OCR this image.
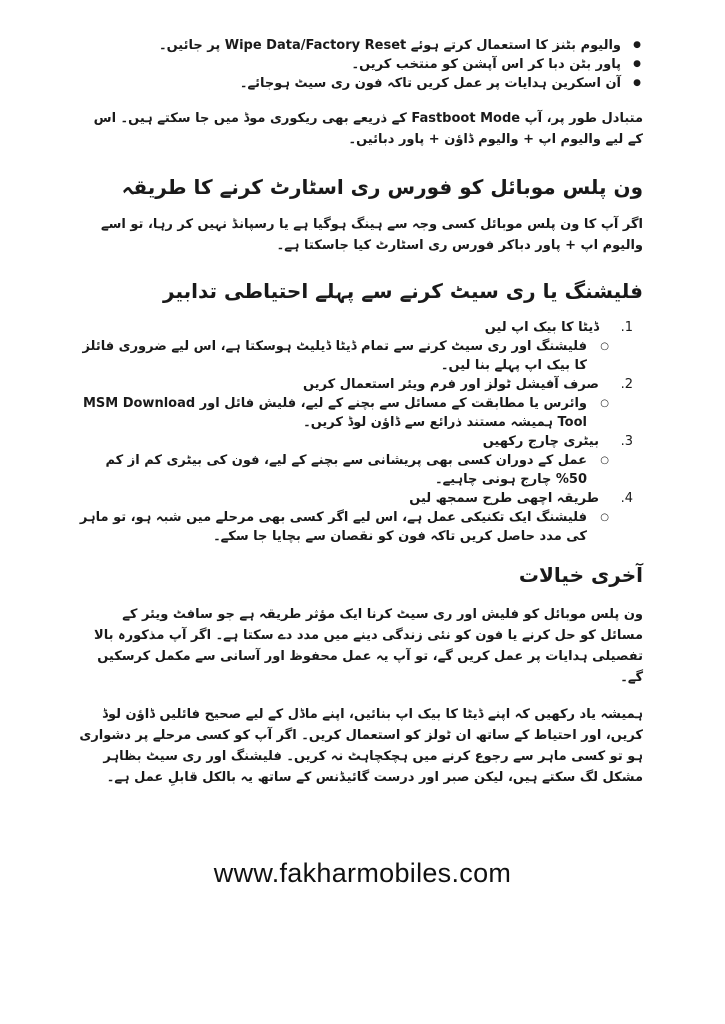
● والیوم بٹنز کا استعمال کرتے ہوئے Wipe Data/Factory Reset پر جائیں۔
● پاور بٹن دبا کر اس آپشن کو منتخب کریں۔
● آن اسکرین ہدایات پر عمل کریں تاکہ فون ری سیٹ ہوجائے۔

متبادل طور پر، آپ Fastboot Mode کے ذریعے بھی ریکوری موڈ میں جا سکتے ہیں۔ اس کے لیے والیوم اپ + والیوم ڈاؤن + پاور دبائیں۔

ون پلس موبائل کو فورس ری اسٹارٹ کرنے کا طریقہ

اگر آپ کا ون پلس موبائل کسی وجہ سے ہینگ ہوگیا ہے یا رسپانڈ نہیں کر رہا، تو اسے والیوم اپ + پاور دباکر فورس ری اسٹارٹ کیا جاسکتا ہے۔

فلیشنگ یا ری سیٹ کرنے سے پہلے احتیاطی تدابیر
1.
ڈیٹا کا بیک اپ لیں
○ فلیشنگ اور ری سیٹ کرنے سے تمام ڈیٹا ڈیلیٹ ہوسکتا ہے، اس لیے ضروری فائلز کا بیک اپ پہلے بنا لیں۔
2.
صرف آفیشل ٹولز اور فرم ویئر استعمال کریں
○ وائرس یا مطابقت کے مسائل سے بچنے کے لیے، فلیش فائل اور MSM Download Tool ہمیشہ مستند ذرائع سے ڈاؤن لوڈ کریں۔
3.
بیٹری چارج رکھیں
○ عمل کے دوران کسی بھی پریشانی سے بچنے کے لیے، فون کی بیٹری کم از کم 50% چارج ہونی چاہیے۔
4.
طریقہ اچھی طرح سمجھ لیں
○ فلیشنگ ایک تکنیکی عمل ہے، اس لیے اگر کسی بھی مرحلے میں شبہ ہو، تو ماہر کی مدد حاصل کریں تاکہ فون کو نقصان سے بچایا جا سکے۔
آخری خیالات

ون پلس موبائل کو فلیش اور ری سیٹ کرنا ایک مؤثر طریقہ ہے جو سافٹ ویئر کے مسائل کو حل کرنے یا فون کو نئی زندگی دینے میں مدد دے سکتا ہے۔ اگر آپ مذکورہ بالا تفصیلی ہدایات پر عمل کریں گے، تو آپ یہ عمل محفوظ اور آسانی سے مکمل کرسکیں گے۔

ہمیشہ یاد رکھیں کہ اپنے ڈیٹا کا بیک اپ بنائیں، اپنے ماڈل کے لیے صحیح فائلیں ڈاؤن لوڈ کریں، اور احتیاط کے ساتھ ان ٹولز کو استعمال کریں۔ اگر آپ کو کسی مرحلے پر دشواری ہو تو کسی ماہر سے رجوع کرنے میں ہچکچاہٹ نہ کریں۔ فلیشنگ اور ری سیٹ بظاہر مشکل لگ سکتے ہیں، لیکن صبر اور درست گائیڈنس کے ساتھ یہ بالکل قابلِ عمل ہے۔

www.fakharmobiles.com
